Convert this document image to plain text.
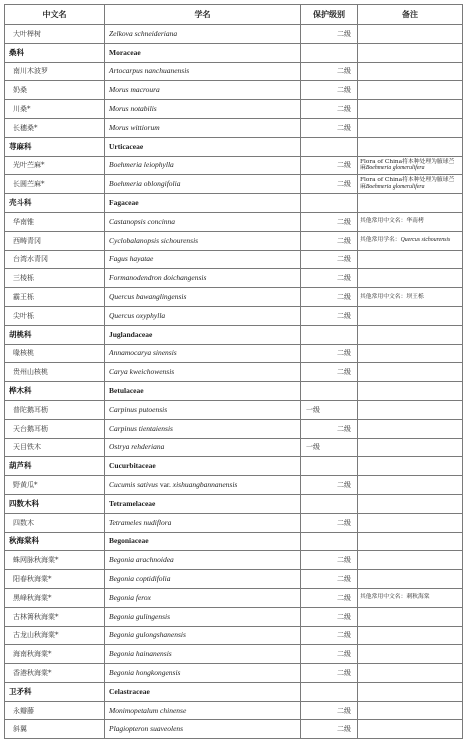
中文名	学名	保护级别	备注
大叶榉树	Zelkova schneideriana	二级	

桑科	Moraceae		
南川木波罗	Artocarpus nanchuanensis	二级	

奶桑	Morus macroura	二级	

川桑*	Morus notabilis	二级	

长穗桑*	Morus wittiorum	二级	

荨麻科	Urticaceae		
光叶苎麻*	Boehmeria leiophylla	二级	Flora of China将本种处理为腋球苎麻Boehmeria glomerulifera
长圆苎麻*	Boehmeria oblongifolia	二级	Flora of China将本种处理为腋球苎麻Boehmeria glomerulifera
壳斗科	Fagaceae		
华南锥	Castanopsis concinna	二级	其他常用中文名：华南栲
西畴青冈	Cyclobalanopsis sichourensis	二级	其他常用学名：Quercus sichourensis
台湾水青冈	Fagus hayatae	二级	

三棱栎	Formanodendron doichangensis	二级	

霸王栎	Quercus bawanglingensis	二级	其他常用中文名：坝王栎
尖叶栎	Quercus oxyphylla	二级	

胡桃科	Juglandaceae		
喙核桃	Annamocarya sinensis	二级	

贵州山核桃	Carya kweichowensis	二级	

桦木科	Betulaceae		
普陀鹅耳枥	Carpinus putoensis	一级	

天台鹅耳枥	Carpinus tientaiensis	二级	

天目铁木	Ostrya rehderiana	一级	

葫芦科	Cucurbitaceae		
野黄瓜*	Cucumis sativus var. xishuangbannanensis	二级	

四数木科	Tetramelaceae		
四数木	Tetrameles nudiflora	二级	

秋海棠科	Begoniaceae		
蛛网脉秋海棠*	Begonia arachnoidea	二级	

阳春秋海棠*	Begonia coptidifolia	二级	

黑峰秋海棠*	Begonia ferox	二级	其他常用中文名：刺秋海棠
古林箐秋海棠*	Begonia gulingensis	二级	

古龙山秋海棠*	Begonia gulongshanensis	二级	

海南秋海棠*	Begonia hainanensis	二级	

香港秋海棠*	Begonia hongkongensis	二级	

卫矛科	Celastraceae		
永瓣藤	Monimopetalum chinense	二级	

斜翼	Plagiopteron suaveolens	二级	
